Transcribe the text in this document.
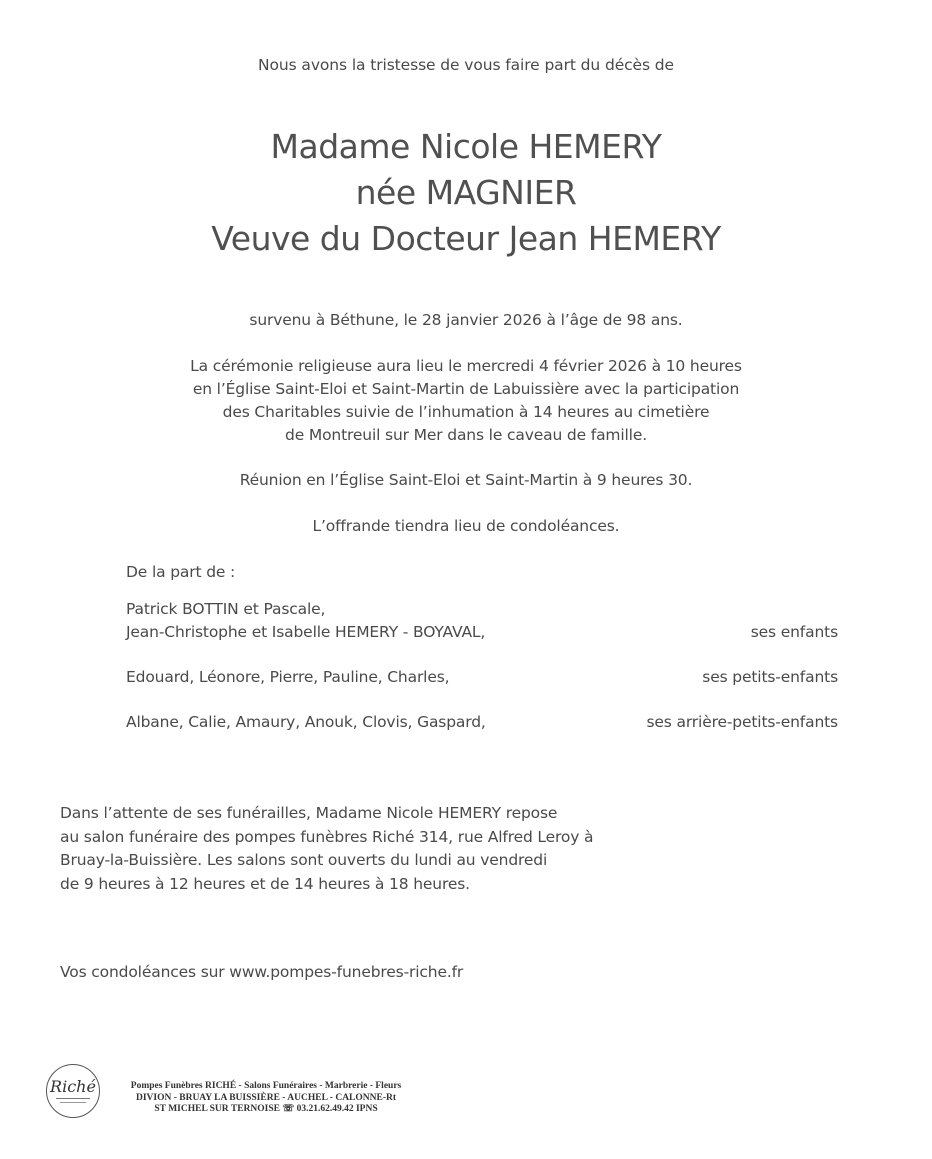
Nous avons la tristesse de vous faire part du décès de
Madame Nicole HEMERY
née MAGNIER
Veuve du Docteur Jean HEMERY
survenu à Béthune, le 28 janvier 2026 à l’âge de 98 ans.
La cérémonie religieuse aura lieu le mercredi 4 février 2026 à 10 heures
en l’Église Saint-Eloi et Saint-Martin de Labuissière avec la participation
des Charitables suivie de l’inhumation à 14 heures au cimetière
de Montreuil sur Mer dans le caveau de famille.
Réunion en l’Église Saint-Eloi et Saint-Martin à 9 heures 30.
L’offrande tiendra lieu de condoléances.
De la part de :
Patrick BOTTIN et Pascale,
Jean-Christophe et Isabelle HEMERY - BOYAVAL,	ses enfants
Edouard, Léonore, Pierre, Pauline, Charles,	ses petits-enfants
Albane, Calie, Amaury, Anouk, Clovis, Gaspard,	ses arrière-petits-enfants
Dans l’attente de ses funérailles, Madame Nicole HEMERY repose
au salon funéraire des pompes funèbres Riché 314, rue Alfred Leroy à
Bruay-la-Buissière. Les salons sont ouverts du lundi au vendredi
de 9 heures à 12 heures et de 14 heures à 18 heures.
Vos condoléances sur www.pompes-funebres-riche.fr
Riché	Pompes Funèbres RICHÉ - Salons Funéraires - Marbrerie - Fleurs
DIVION - BRUAY LA BUISSIÈRE - AUCHEL - CALONNE-Rt
ST MICHEL SUR TERNOISE ☏ 03.21.62.49.42 IPNS
